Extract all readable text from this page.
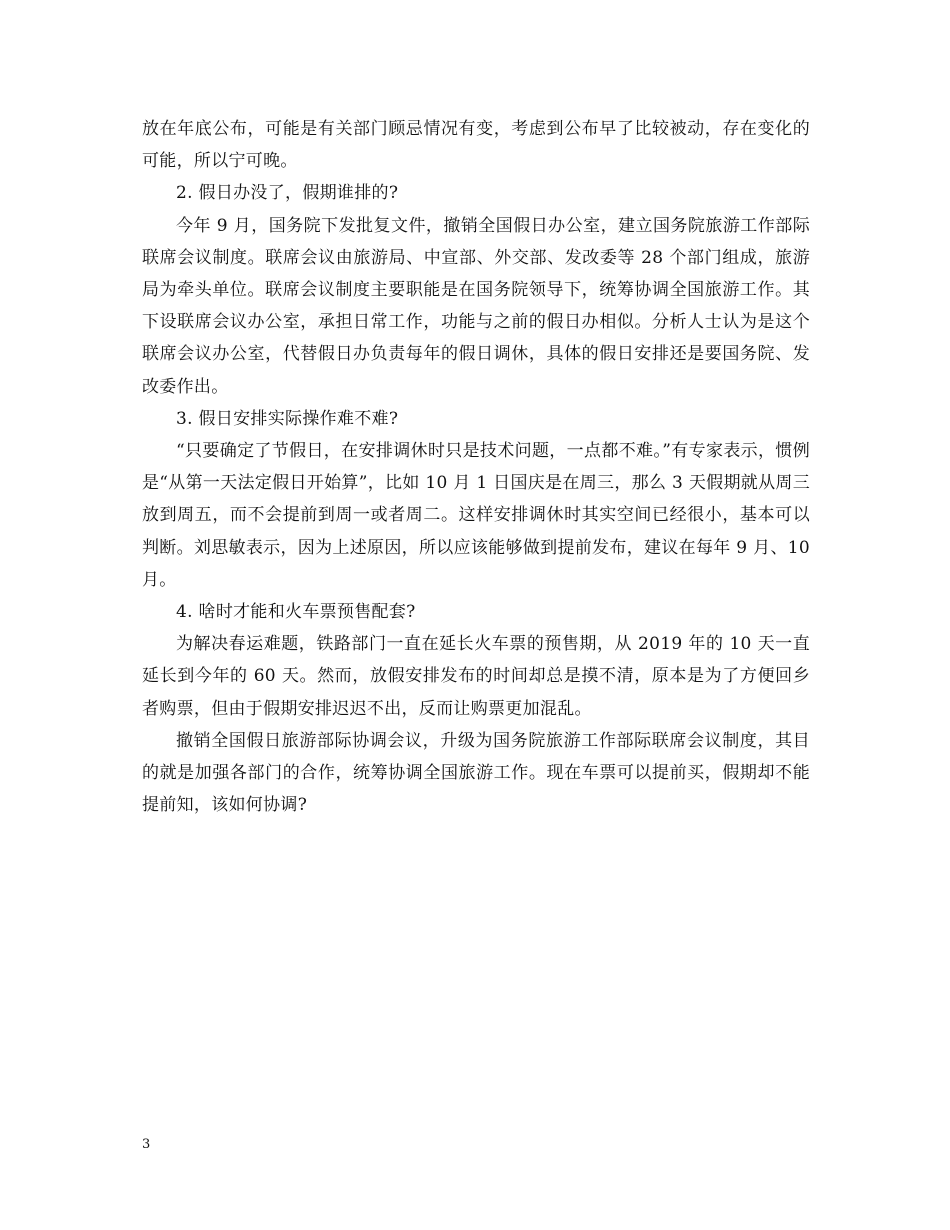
放在年底公布，可能是有关部门顾忌情况有变，考虑到公布早了比较被动，存在变化的可能，所以宁可晚。

2. 假日办没了，假期谁排的?

今年 9 月，国务院下发批复文件，撤销全国假日办公室，建立国务院旅游工作部际联席会议制度。联席会议由旅游局、中宣部、外交部、发改委等 28 个部门组成，旅游局为牵头单位。联席会议制度主要职能是在国务院领导下，统筹协调全国旅游工作。其下设联席会议办公室，承担日常工作，功能与之前的假日办相似。分析人士认为是这个联席会议办公室，代替假日办负责每年的假日调休，具体的假日安排还是要国务院、发改委作出。

3. 假日安排实际操作难不难?

“只要确定了节假日，在安排调休时只是技术问题，一点都不难。”有专家表示，惯例是“从第一天法定假日开始算”，比如 10 月 1 日国庆是在周三，那么 3 天假期就从周三放到周五，而不会提前到周一或者周二。这样安排调休时其实空间已经很小，基本可以判断。刘思敏表示，因为上述原因，所以应该能够做到提前发布，建议在每年 9 月、10 月。

4. 啥时才能和火车票预售配套?

为解决春运难题，铁路部门一直在延长火车票的预售期，从 2019 年的 10 天一直延长到今年的 60 天。然而，放假安排发布的时间却总是摸不清，原本是为了方便回乡者购票，但由于假期安排迟迟不出，反而让购票更加混乱。

撤销全国假日旅游部际协调会议，升级为国务院旅游工作部际联席会议制度，其目的就是加强各部门的合作，统筹协调全国旅游工作。现在车票可以提前买，假期却不能提前知，该如何协调?

3
